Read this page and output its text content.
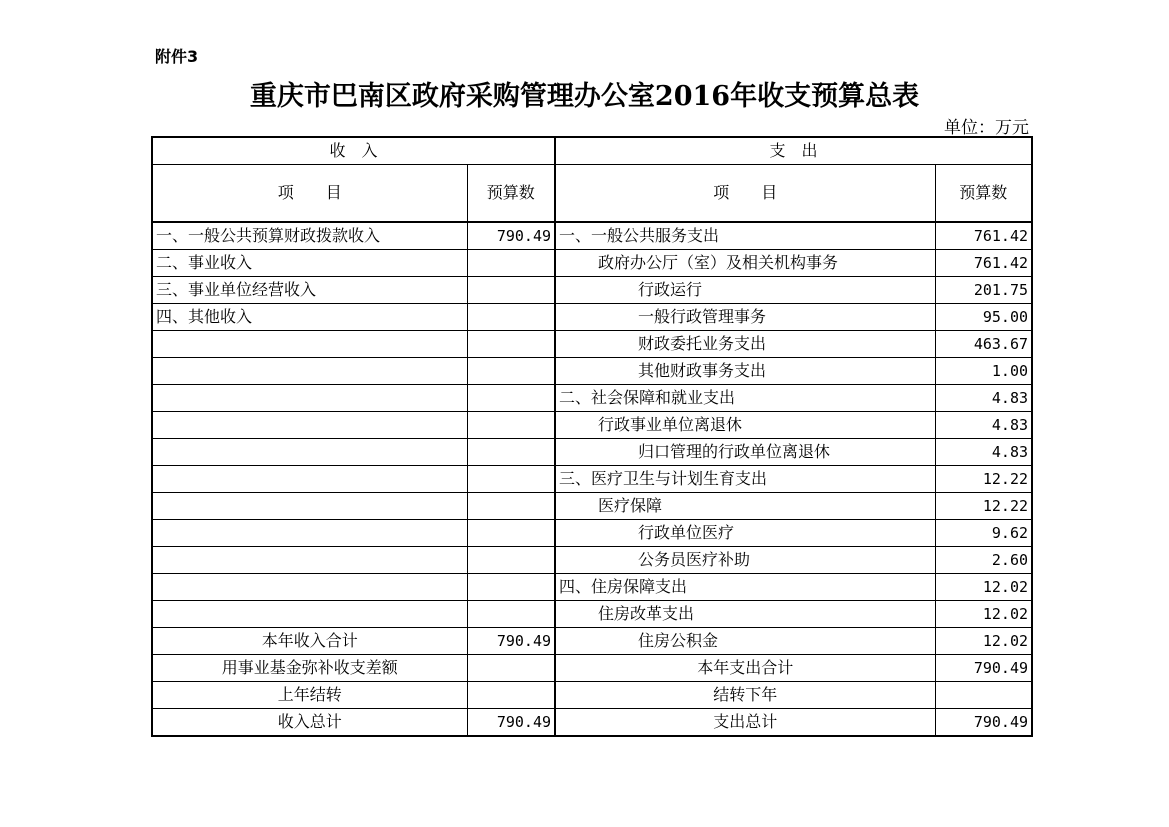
附件3
重庆市巴南区政府采购管理办公室2016年收支预算总表
单位：万元
收　入		支　出	
项　　目	预算数	项　　目	预算数
一、一般公共预算财政拨款收入	790.49	一、一般公共服务支出	761.42
二、事业收入		政府办公厅（室）及相关机构事务	761.42
三、事业单位经营收入		行政运行	201.75
四、其他收入		一般行政管理事务	95.00
		财政委托业务支出	463.67
		其他财政事务支出	1.00
		二、社会保障和就业支出	4.83
		行政事业单位离退休	4.83
		归口管理的行政单位离退休	4.83
		三、医疗卫生与计划生育支出	12.22
		医疗保障	12.22
		行政单位医疗	9.62
		公务员医疗补助	2.60
		四、住房保障支出	12.02
		住房改革支出	12.02
本年收入合计	790.49	住房公积金	12.02
用事业基金弥补收支差额		本年支出合计	790.49
上年结转		结转下年	
收入总计	790.49	支出总计	790.49
